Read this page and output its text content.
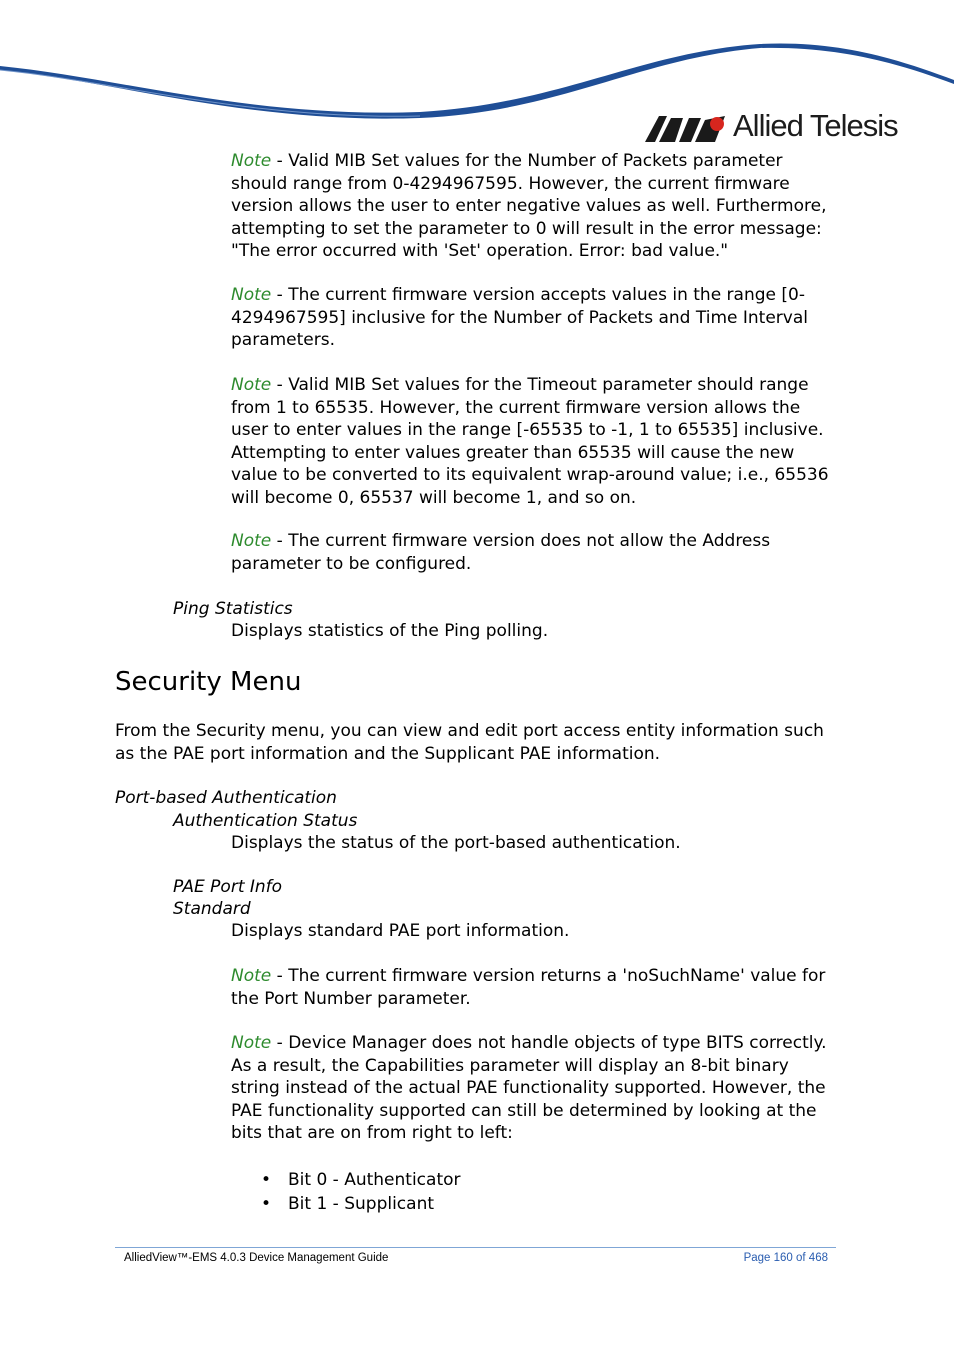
Allied Telesis
Note - Valid MIB Set values for the Number of Packets parameter should range from 0-4294967595. However, the current firmware version allows the user to enter negative values as well. Furthermore, attempting to set the parameter to 0 will result in the error message: "The error occurred with 'Set' operation. Error: bad value."
Note - The current firmware version accepts values in the range [0-4294967595] inclusive for the Number of Packets and Time Interval parameters.
Note - Valid MIB Set values for the Timeout parameter should range from 1 to 65535. However, the current firmware version allows the user to enter values in the range [-65535 to -1, 1 to 65535] inclusive. Attempting to enter values greater than 65535 will cause the new value to be converted to its equivalent wrap-around value; i.e., 65536 will become 0, 65537 will become 1, and so on.
Note - The current firmware version does not allow the Address parameter to be configured.
Ping Statistics
Displays statistics of the Ping polling.
Security Menu
From the Security menu, you can view and edit port access entity information such as the PAE port information and the Supplicant PAE information.
Port-based Authentication
Authentication Status
Displays the status of the port-based authentication.
PAE Port Info
Standard
Displays standard PAE port information.
Note - The current firmware version returns a 'noSuchName' value for the Port Number parameter.
Note - Device Manager does not handle objects of type BITS correctly. As a result, the Capabilities parameter will display an 8-bit binary string instead of the actual PAE functionality supported. However, the PAE functionality supported can still be determined by looking at the bits that are on from right to left:
• Bit 0 - Authenticator
• Bit 1 - Supplicant
AlliedView™-EMS 4.0.3 Device Management Guide	Page 160 of 468
